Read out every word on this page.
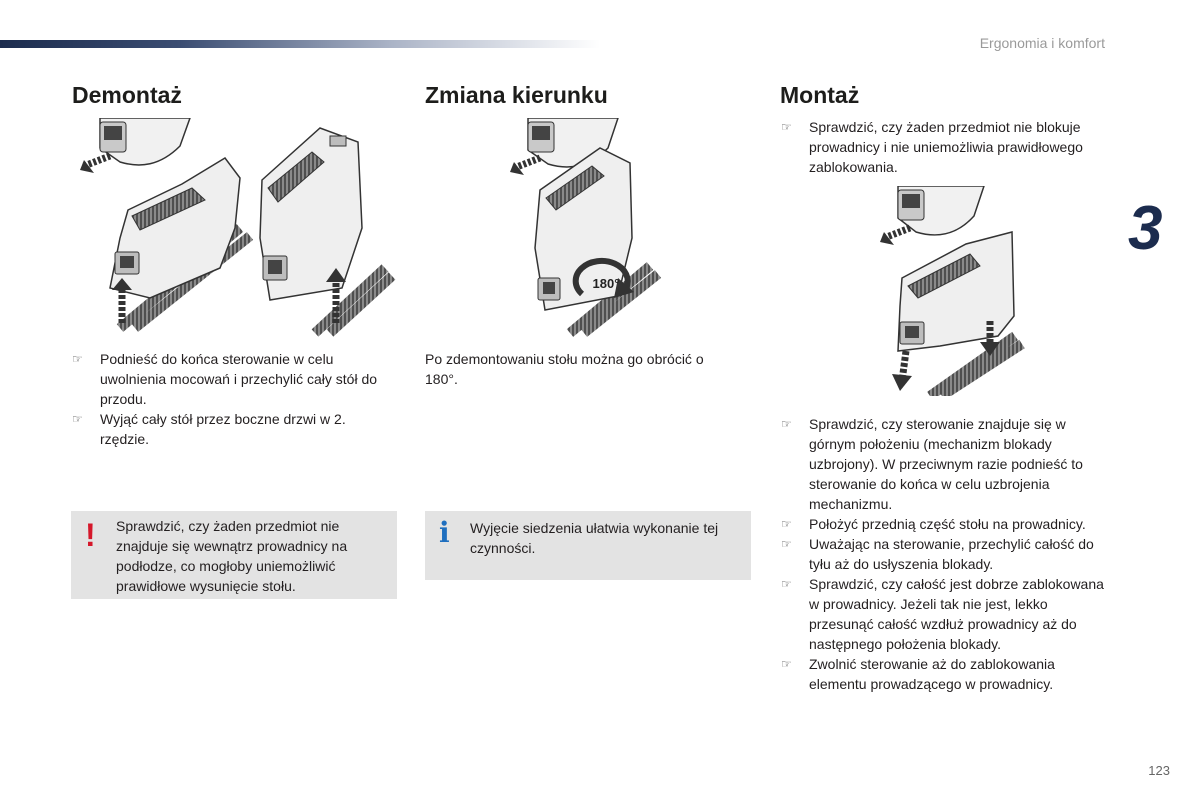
Ergonomia i komfort
3
123
Demontaż
☞ Podnieść do końca sterowanie w celu uwolnienia mocowań i przechylić cały stół do przodu.
☞ Wyjąć cały stół przez boczne drzwi w 2. rzędzie.
! Sprawdzić, czy żaden przedmiot nie znajduje się wewnątrz prowadnicy na podłodze, co mogłoby uniemożliwić prawidłowe wysunięcie stołu.
Zmiana kierunku
180°
Po zdemontowaniu stołu można go obrócić o 180°.
i Wyjęcie siedzenia ułatwia wykonanie tej czynności.
Montaż
☞ Sprawdzić, czy żaden przedmiot nie blokuje prowadnicy i nie uniemożliwia prawidłowego zablokowania.
☞ Sprawdzić, czy sterowanie znajduje się w górnym położeniu (mechanizm blokady uzbrojony). W przeciwnym razie podnieść to sterowanie do końca w celu uzbrojenia mechanizmu.
☞ Położyć przednią część stołu na prowadnicy.
☞ Uważając na sterowanie, przechylić całość do tyłu aż do usłyszenia blokady.
☞ Sprawdzić, czy całość jest dobrze zablokowana w prowadnicy. Jeżeli tak nie jest, lekko przesunąć całość wzdłuż prowadnicy aż do następnego położenia blokady.
☞ Zwolnić sterowanie aż do zablokowania elementu prowadzącego w prowadnicy.
